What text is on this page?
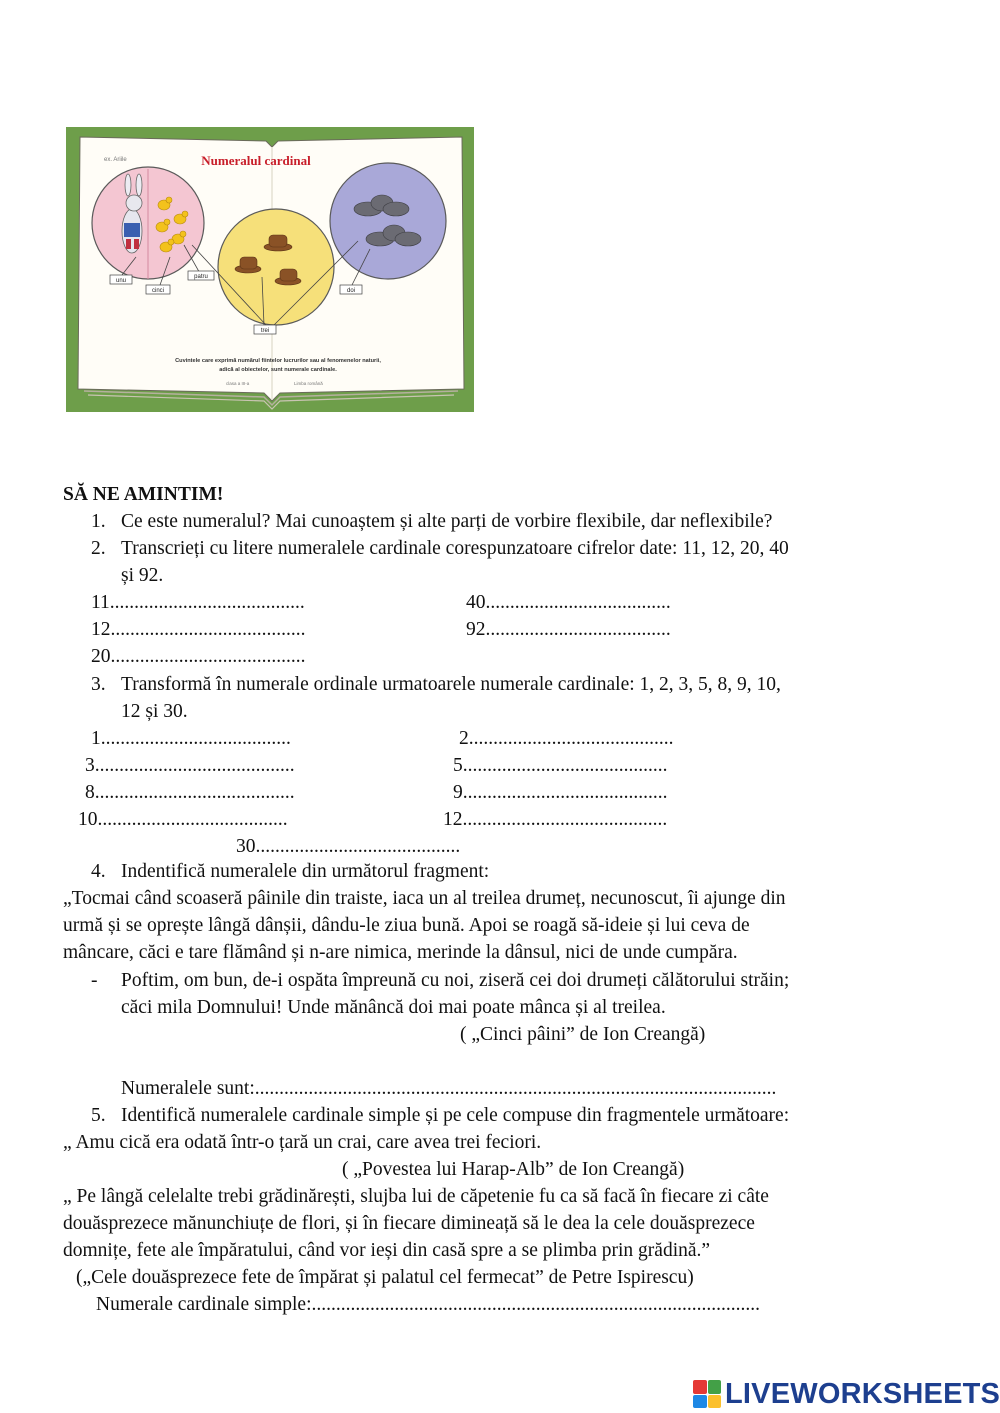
Numeralul cardinal
ex. Ariile
unu
cinci
patru
trei
doi
Cuvintele care exprimă numărul fiintelor lucrurilor sau al fenomenelor naturii,
adică al obiectelor, sunt numerale cardinale.
clasa a III-a	Limba română
SĂ NE AMINTIM!
1. Ce este numeralul? Mai cunoaștem și alte parți de vorbire flexibile, dar neflexibile?
2. Transcrieți cu litere numeralele cardinale corespunzatoare cifrelor date: 11, 12, 20, 40
și 92.
11........................................	40......................................
12........................................	92......................................
20........................................
3. Transformă în numerale ordinale urmatoarele numerale cardinale: 1, 2, 3, 5, 8, 9, 10,
12 și 30.
1.......................................	2..........................................
3.........................................	5..........................................
8.........................................	9..........................................
10.......................................	12..........................................
30..........................................
4. Indentifică numeralele din următorul fragment:
„Tocmai când scoaseră pâinile din traiste, iaca un al treilea drumeț, necunoscut, îi ajunge din
urmă și se oprește lângă dânșii, dându-le ziua bună. Apoi se roagă să-ideie și lui ceva de
mâncare, căci e tare flămând și n-are nimica, merinde la dânsul, nici de unde cumpăra.
- Poftim, om bun, de-i ospăta împreună cu noi, ziseră cei doi drumeți călătorului străin;
căci mila Domnului! Unde mănâncă doi mai poate mânca și al treilea.
( „Cinci pâini” de Ion Creangă)
Numeralele sunt:...........................................................................................................
5. Identifică numeralele cardinale simple și pe cele compuse din fragmentele următoare:
„ Amu cică era odată într-o țară un crai, care avea trei feciori.
( „Povestea lui Harap-Alb” de Ion Creangă)
„ Pe lângă celelalte trebi grădinărești, slujba lui de căpetenie fu ca să facă în fiecare zi câte
douăsprezece mănunchiuțe de flori, și în fiecare dimineață să le dea la cele douăsprezece
domnițe, fete ale împăratului, când vor ieși din casă spre a se plimba prin grădină.”
(„Cele douăsprezece fete de împărat și palatul cel fermecat” de Petre Ispirescu)
Numerale cardinale simple:............................................................................................
LIVEWORKSHEETS
